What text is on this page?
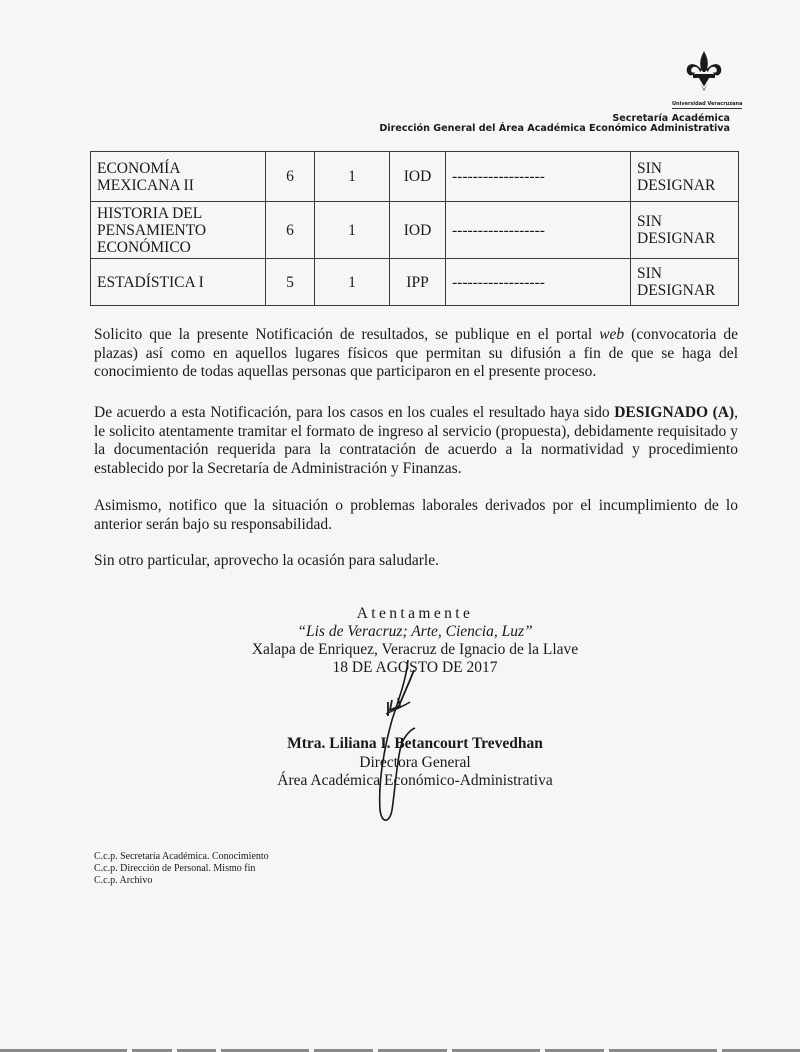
Universidad Veracruzana
Secretaría Académica
Dirección General del Área Académica Económico Administrativa
ECONOMÍA MEXICANA II	6	1	IOD	------------------	SIN DESIGNAR
HISTORIA DEL PENSAMIENTO ECONÓMICO	6	1	IOD	------------------	SIN DESIGNAR
ESTADÍSTICA I	5	1	IPP	------------------	SIN DESIGNAR
Solicito que la presente Notificación de resultados, se publique en el portal web (convocatoria de plazas) así como en aquellos lugares físicos que permitan su difusión a fin de que se haga del conocimiento de todas aquellas personas que participaron en el presente proceso.
De acuerdo a esta Notificación, para los casos en los cuales el resultado haya sido DESIGNADO (A), le solicito atentamente tramitar el formato de ingreso al servicio (propuesta), debidamente requisitado y la documentación requerida para la contratación de acuerdo a la normatividad y procedimiento establecido por la Secretaría de Administración y Finanzas.
Asimismo, notifico que la situación o problemas laborales derivados por el incumplimiento de lo anterior serán bajo su responsabilidad.
Sin otro particular, aprovecho la ocasión para saludarle.
Atentamente
“Lis de Veracruz; Arte, Ciencia, Luz”
Xalapa de Enriquez, Veracruz de Ignacio de la Llave
18 DE AGOSTO DE 2017
Mtra. Liliana I. Betancourt Trevedhan
Directora General
Área Académica Económico-Administrativa
C.c.p. Secretaría Académica. Conocimiento
C.c.p. Dirección de Personal. Mismo fin
C.c.p. Archivo
